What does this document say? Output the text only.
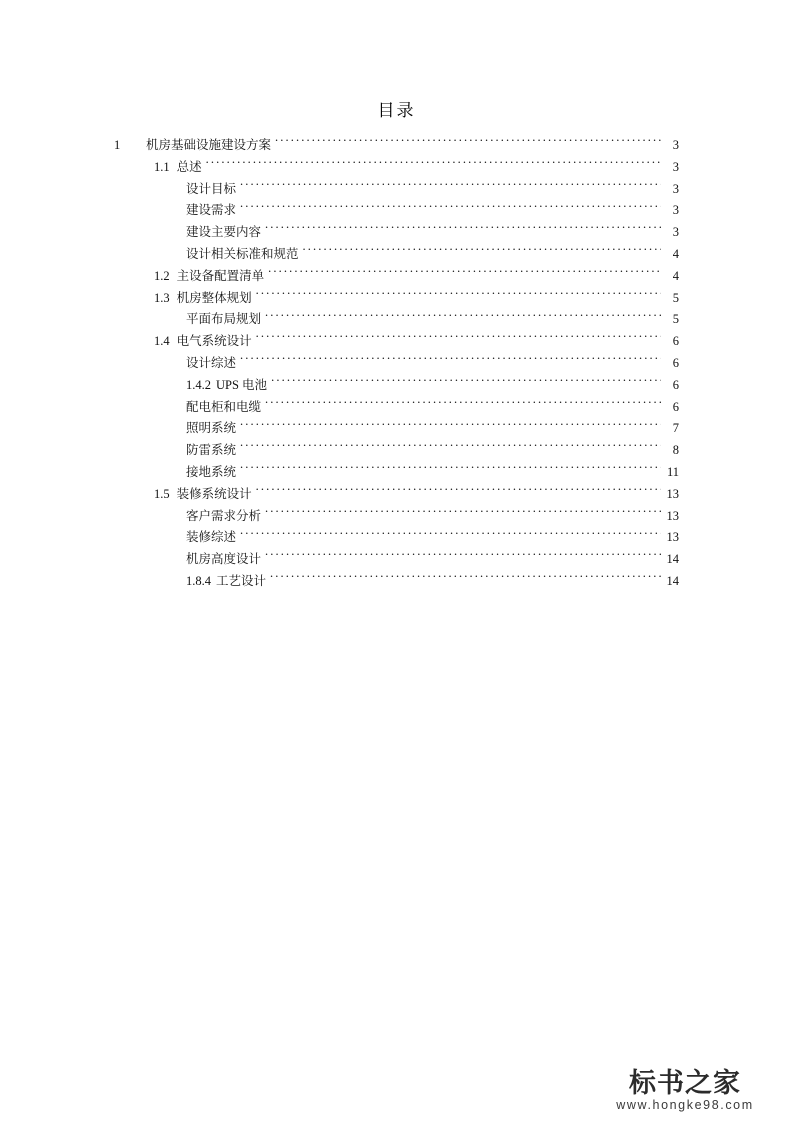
目录
1	机房基础设施建设方案 . . .	3
1.1 总述 . . .	3
设计目标 . . .	3
建设需求 . . .	3
建设主要内容 . . .	3
设计相关标准和规范 . . .	4
1.2 主设备配置清单 . . .	4
1.3 机房整体规划 . . .	5
平面布局规划 . . .	5
1.4 电气系统设计 . . .	6
设计综述 . . .	6
1.4.2 UPS 电池 . . .	6
配电柜和电缆 . . .	6
照明系统 . . .	7
防雷系统 . . .	8
接地系统 . . .	11
1.5 装修系统设计 . . .	13
客户需求分析 . . .	13
装修综述 . . .	13
机房高度设计 . . .	14
1.8.4 工艺设计 . . .	14
标书之家
www.hongke98.com
